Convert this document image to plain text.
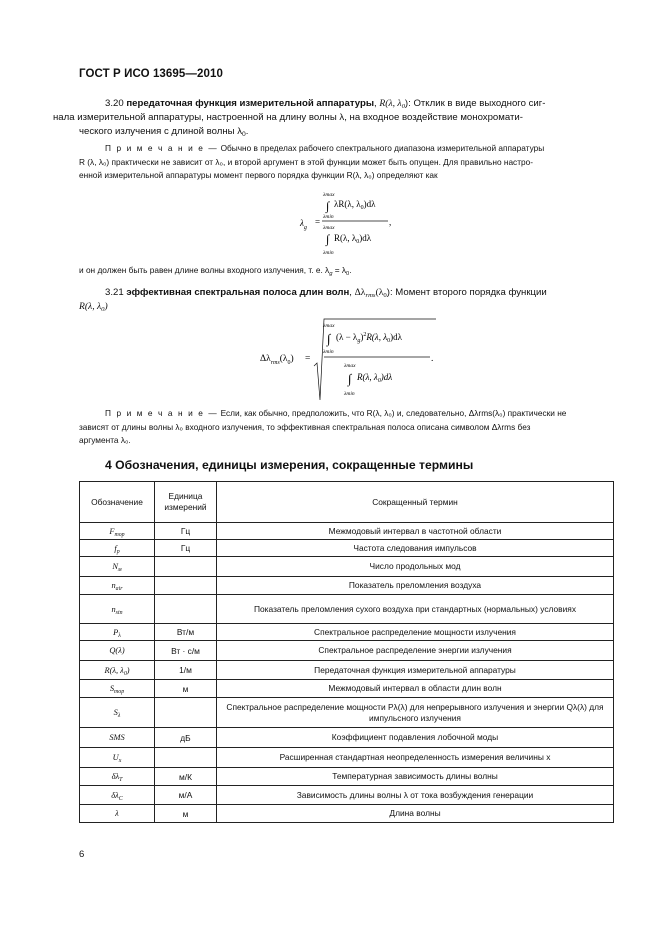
ГОСТ Р ИСО 13695—2010
3.20 передаточная функция измерительной аппаратуры, R(λ, $\lambda_0$): Отклик в виде выходного сиг-
нала измерительной аппаратуры, настроенной на длину волны λ, на входное воздействие монохромати-
ческого излучения с длиной волны $\lambda_0$.
П р и м е ч а н и е — Обычно в пределах рабочего спектрального диапазона измерительной аппаратуры
R (λ, λ₀) практически не зависит от λ₀, и второй аргумент в этой функции может быть опущен. Для правильно настро-
енной измерительной аппаратуры момент первого порядка функции R(λ, λ₀) определяют как
$\lambda_g$
=
λmax
∫
λmin
λR(λ, $\lambda_0)d\lambda$
λmax
∫
λmin
R(λ, $\lambda_0)d\lambda$
,
и он должен быть равен длине волны входного излучения, т. е. $\lambda_g = \lambda_0$.
3.21 эффективная спектральная полоса длин волн, $\Delta\lambda_{rms}(\lambda_0)$: Момент второго порядка функции
R(λ, $\lambda_0$)
$\Delta\lambda_{rms}(\lambda_0)$ =
λmax
∫
λmin
$(\lambda - \lambda_g)^2R(\lambda$, $\lambda_0)d\lambda$
λmax
∫
λmin
R(λ, $\lambda_0)d\lambda$
.
П р и м е ч а н и е — Если, как обычно, предположить, что R(λ, λ₀) и, следовательно, Δλrms(λ₀) практически не
зависят от длины волны λ₀ входного излучения, то эффективная спектральная полоса описана символом Δλrms без
аргумента λ₀.
4 Обозначения, единицы измерения, сокращенные термины
Обозначение	Единица измерений	Сокращенный термин
$F_{mop}$	Гц	Межмодовый интервал в частотной области
$f_p$	Гц	Частота следования импульсов
$N_м$		Число продольных мод
$n_{air}$		Показатель преломления воздуха
$n_{stn}$		Показатель преломления сухого воздуха при стандартных (нормальных) условиях
$P_\lambda$	Вт/м	Спектральное распределение мощности излучения
Q(λ)	Вт · с/м	Спектральное распределение энергии излучения
R(λ, $\lambda_0$)	1/м	Передаточная функция измерительной аппаратуры
$S_{mop}$	м	Межмодовый интервал в области длин волн
$S_\lambda$		Спектральное распределение мощности Pλ(λ) для непрерывного излучения и энергии Qλ(λ) для импульсного излучения
SMS	дБ	Коэффициент подавления лобочной моды
$U_x$		Расширенная стандартная неопределенность измерения величины x
$\delta\lambda_T$	м/К	Температурная зависимость длины волны
$\delta\lambda_C$	м/А	Зависимость длины волны λ от тока возбуждения генерации
λ	м	Длина волны
6
